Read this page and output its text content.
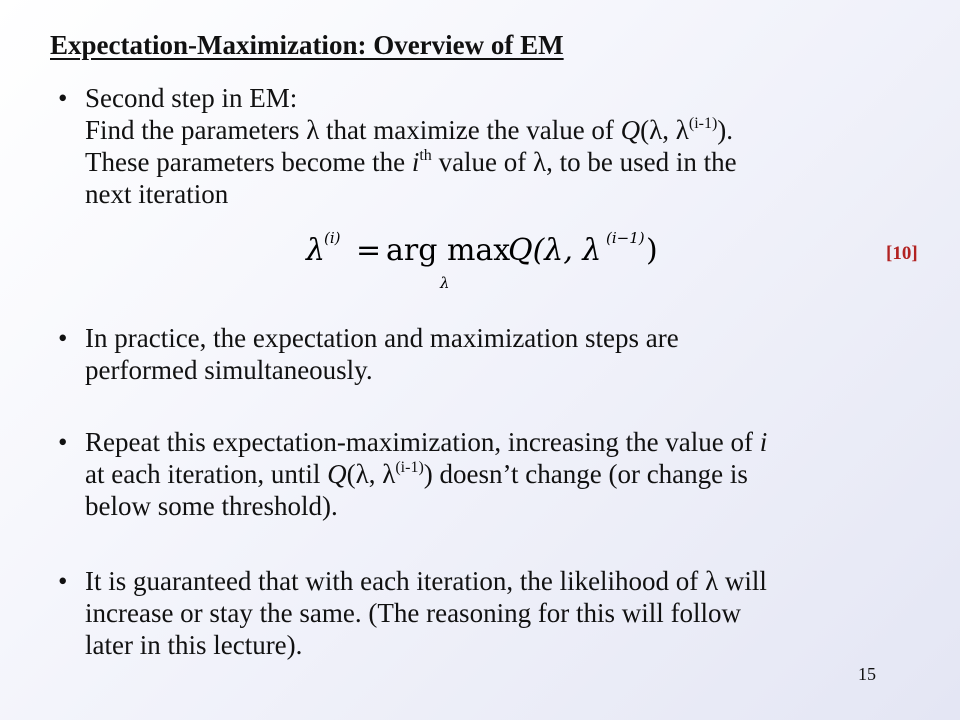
Expectation-Maximization: Overview of EM
• Second step in EM:
Find the parameters λ that maximize the value of Q(λ, $\lambda^{(i-1)}$).
These parameters become the $i^{th}$ value of λ, to be used in the
next iteration
λ
(i) = arg max
λ
Q(λ, λ (i−1) )	[10]
• In practice, the expectation and maximization steps are
performed simultaneously.
• Repeat this expectation-maximization, increasing the value of i
at each iteration, until Q(λ, $\lambda^{(i-1)}$) doesn’t change (or change is
below some threshold).
• It is guaranteed that with each iteration, the likelihood of λ will
increase or stay the same. (The reasoning for this will follow
later in this lecture).
15
